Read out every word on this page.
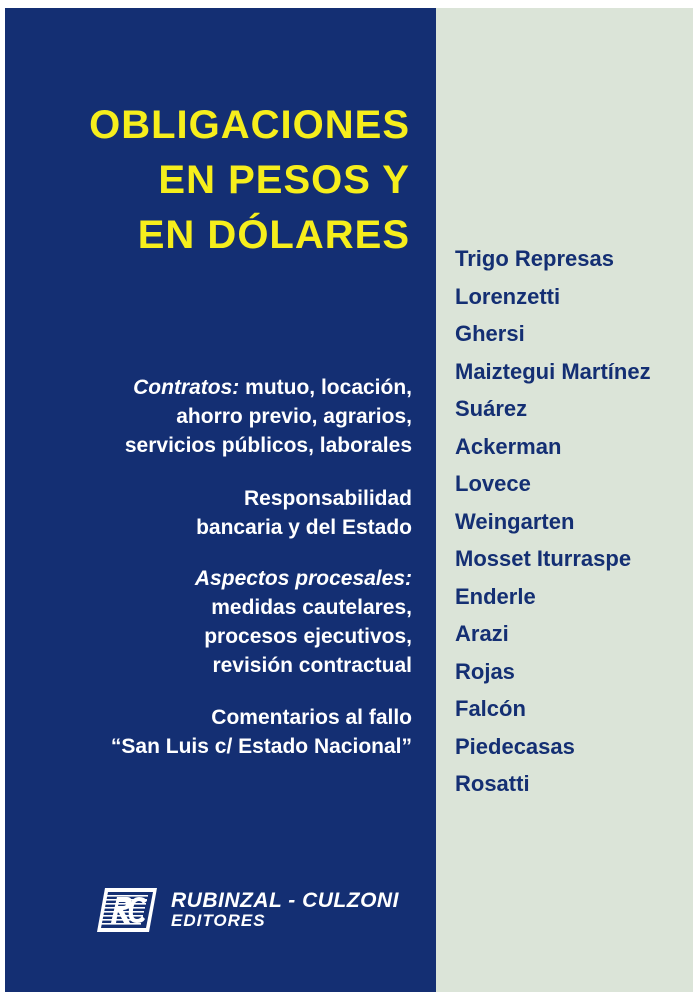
OBLIGACIONES
EN PESOS Y
EN DÓLARES
Contratos: mutuo, locación,
ahorro previo, agrarios,
servicios públicos, laborales
Responsabilidad
bancaria y del Estado
Aspectos procesales:
medidas cautelares,
procesos ejecutivos,
revisión contractual
Comentarios al fallo
“San Luis c/ Estado Nacional”
Trigo Represas
Lorenzetti
Ghersi
Maiztegui Martínez
Suárez
Ackerman
Lovece
Weingarten
Mosset Iturraspe
Enderle
Arazi
Rojas
Falcón
Piedecasas
Rosatti
RUBINZAL - CULZONI
EDITORES
